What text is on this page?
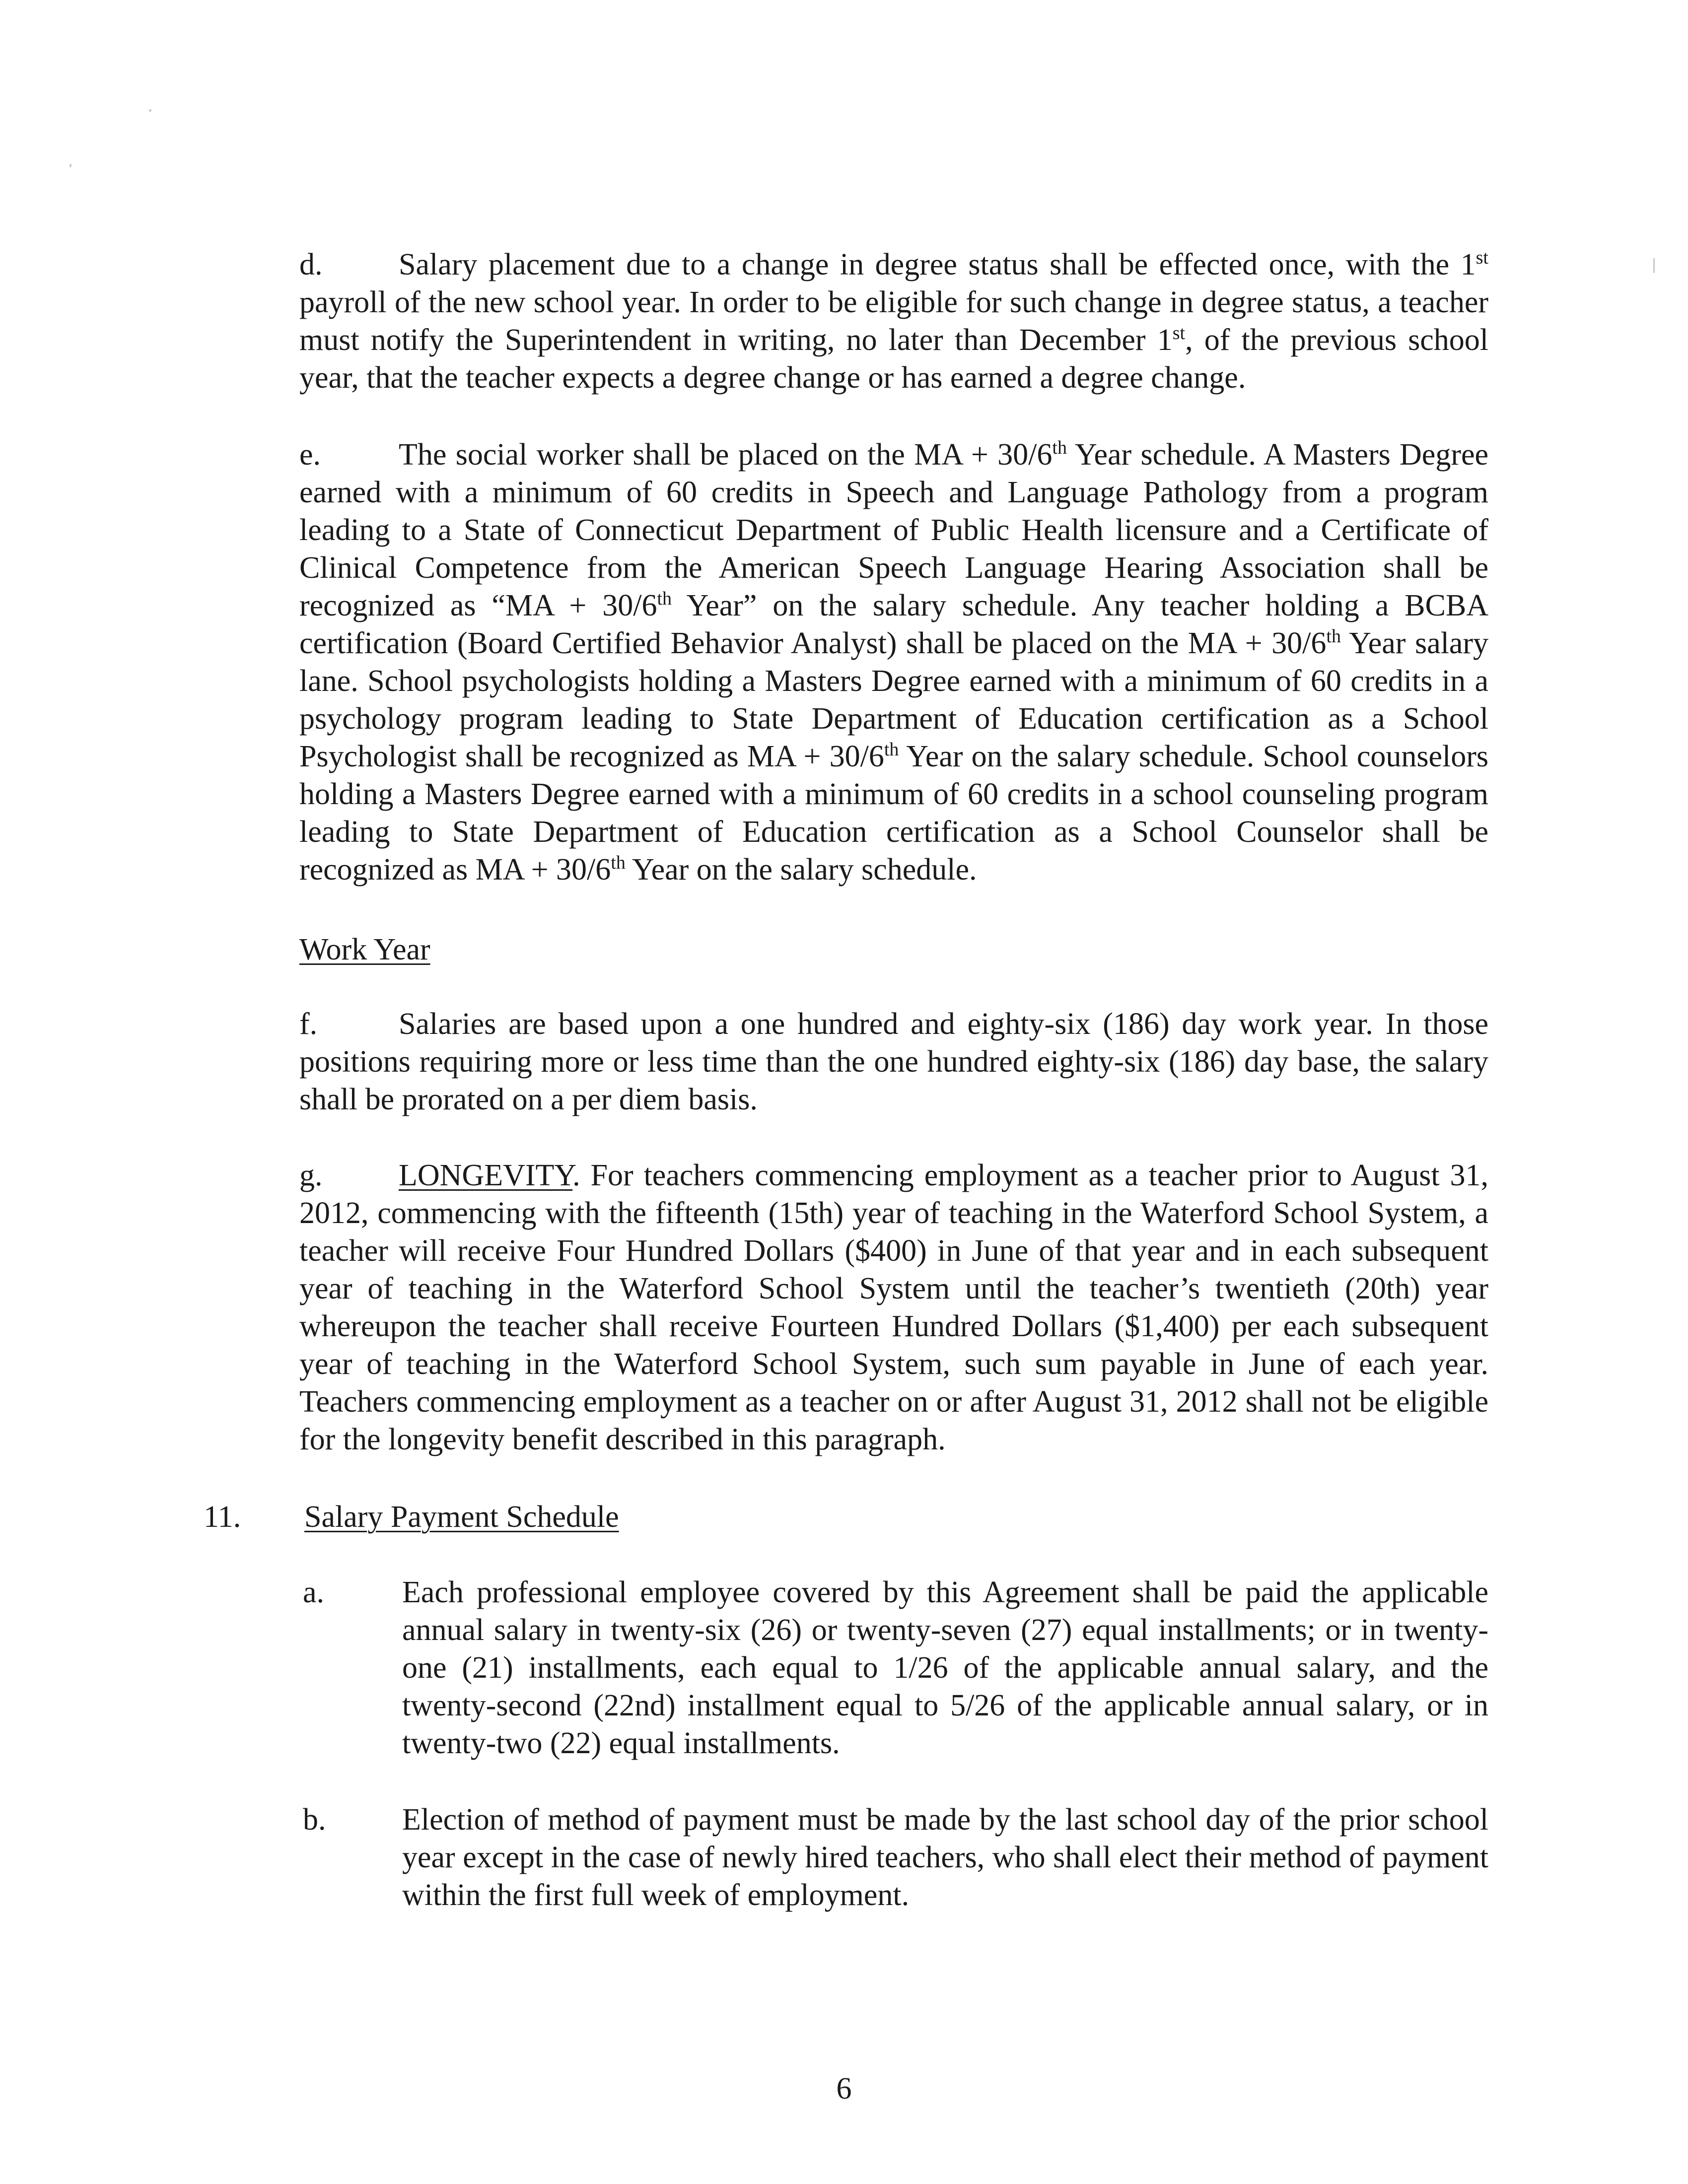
d. Salary placement due to a change in degree status shall be effected once, with the 1st payroll of the new school year. In order to be eligible for such change in degree status, a teacher must notify the Superintendent in writing, no later than December 1st, of the previous school year, that the teacher expects a degree change or has earned a degree change.
e.	The social worker shall be placed on the MA + 30/6th Year schedule. A Masters Degree earned with a minimum of 60 credits in Speech and Language Pathology from a program leading to a State of Connecticut Department of Public Health licensure and a Certificate of Clinical Competence from the American Speech Language Hearing Association shall be recognized as “MA + 30/6th Year” on the salary schedule. Any teacher holding a BCBA certification (Board Certified Behavior Analyst) shall be placed on the MA + 30/6th Year salary lane. School psychologists holding a Masters Degree earned with a minimum of 60 credits in a psychology program leading to State Department of Education certification as a School Psychologist shall be recognized as MA + 30/6th Year on the salary schedule. School counselors holding a Masters Degree earned with a minimum of 60 credits in a school counseling program leading to State Department of Education certification as a School Counselor shall be recognized as MA + 30/6th Year on the salary schedule.
Work Year
f.	Salaries are based upon a one hundred and eighty-six (186) day work year. In those positions requiring more or less time than the one hundred eighty-six (186) day base, the salary shall be prorated on a per diem basis.
g. LONGEVITY. For teachers commencing employment as a teacher prior to August 31, 2012, commencing with the fifteenth (15th) year of teaching in the Waterford School System, a teacher will receive Four Hundred Dollars ($400) in June of that year and in each subsequent year of teaching in the Waterford School System until the teacher’s twentieth (20th) year whereupon the teacher shall receive Fourteen Hundred Dollars ($1,400) per each subsequent year of teaching in the Waterford School System, such sum payable in June of each year. Teachers commencing employment as a teacher on or after August 31, 2012 shall not be eligible for the longevity benefit described in this paragraph.
11. Salary Payment Schedule
a.	Each professional employee covered by this Agreement shall be paid the applicable annual salary in twenty-six (26) or twenty-seven (27) equal installments; or in twenty-one (21) installments, each equal to 1/26 of the applicable annual salary, and the twenty-second (22nd) installment equal to 5/26 of the applicable annual salary, or in twenty-two (22) equal installments.
b. Election of method of payment must be made by the last school day of the prior school year except in the case of newly hired teachers, who shall elect their method of payment within the first full week of employment.
6
